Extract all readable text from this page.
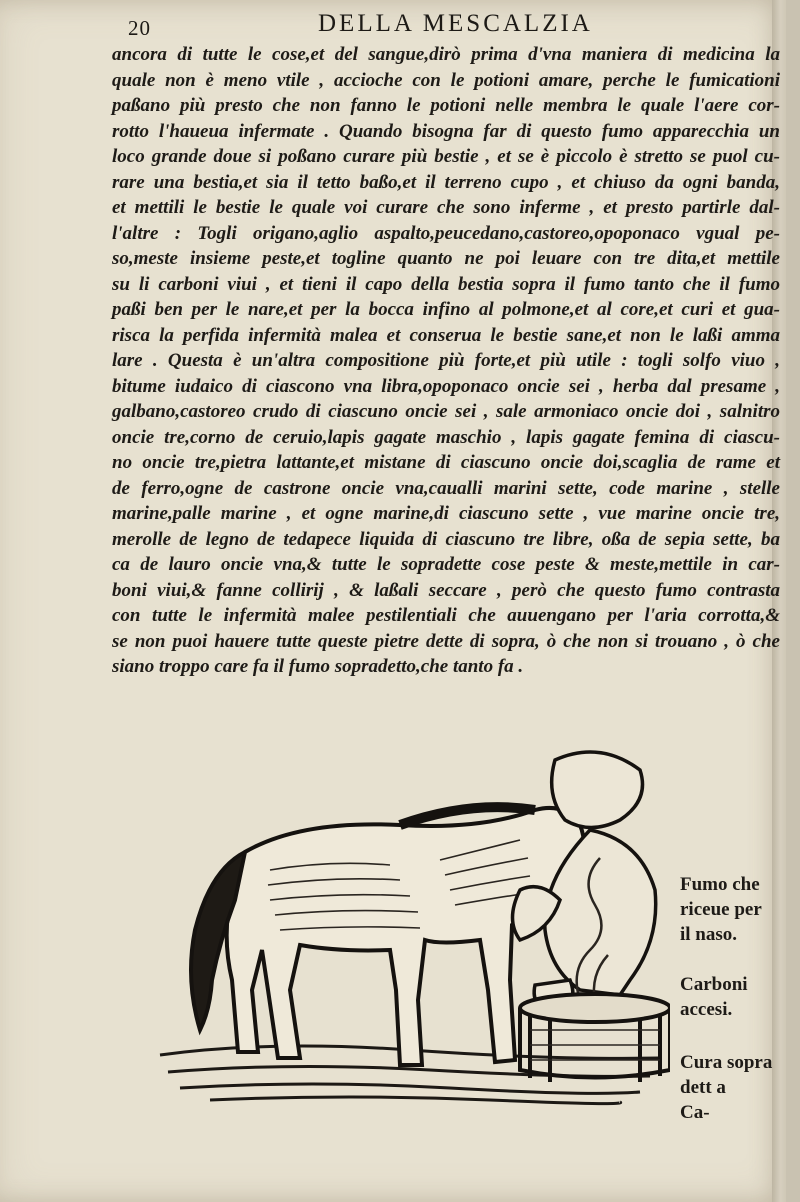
20	DELLA MESCALZIA
ancora di tutte le cose,et del sangue,dirò prima d'vna maniera di medicina la
quale non è meno vtile , accioche con le potioni amare, perche le fumicationi
paßano più presto che non fanno le potioni nelle membra le quale l'aere cor-
rotto l'haueua infermate . Quando bisogna far di questo fumo apparecchia un
loco grande doue si poßano curare più bestie , et se è piccolo è stretto se puol cu-
rare una bestia,et sia il tetto baßo,et il terreno cupo , et chiuso da ogni banda,
et mettili le bestie le quale voi curare che sono inferme , et presto partirle dal-
l'altre : Togli origano,aglio aspalto,peucedano,castoreo,opoponaco vgual pe-
so,meste insieme peste,et togline quanto ne poi leuare con tre dita,et mettile
su li carboni viui , et tieni il capo della bestia sopra il fumo tanto che il fumo
paßi ben per le nare,et per la bocca infino al polmone,et al core,et curi et gua-
risca la perfida infermità malea et conserua le bestie sane,et non le laßi amma
lare . Questa è un'altra compositione più forte,et più utile : togli solfo viuo ,
bitume iudaico di ciascono vna libra,opoponaco oncie sei , herba dal presame ,
galbano,castoreo crudo di ciascuno oncie sei , sale armoniaco oncie doi , salnitro
oncie tre,corno de ceruio,lapis gagate maschio , lapis gagate femina di ciascu-
no oncie tre,pietra lattante,et mistane di ciascuno oncie doi,scaglia de rame et
de ferro,ogne de castrone oncie vna,caualli marini sette, code marine , stelle
marine,palle marine , et ogne marine,di ciascuno sette , vue marine oncie tre,
merolle de legno de tedapece liquida di ciascuno tre libre, oßa de sepia sette, ba
ca de lauro oncie vna,& tutte le sopradette cose peste & meste,mettile in car-
boni viui,& fanne collirij , & laßali seccare , però che questo fumo contrasta
con tutte le infermità malee pestilentiali che auuengano per l'aria corrotta,&
se non puoi hauere tutte queste pietre dette di sopra, ò che non si trouano , ò che
siano troppo care fa il fumo sopradetto,che tanto fa .
Fumo che
riceue per
il naso.
Carboni
accesi.
Cura sopra
dett a
Ca-
